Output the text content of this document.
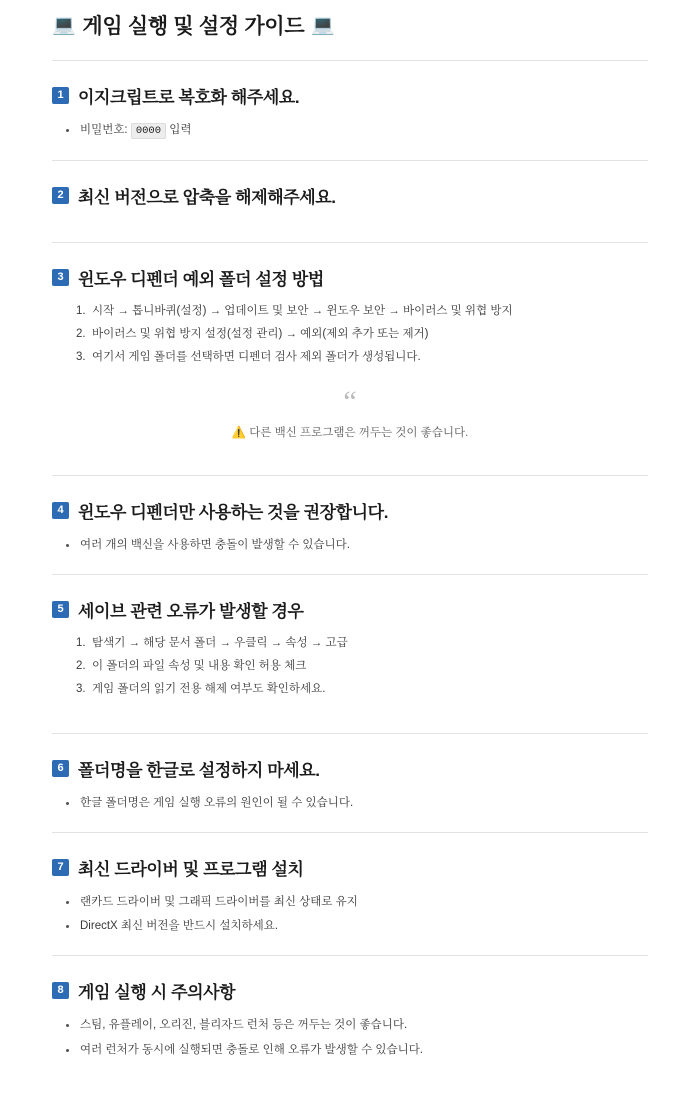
💻 게임 실행 및 설정 가이드 💻
1 이지크립트로 복호화 해주세요.
비밀번호: 0000 입력
2 최신 버전으로 압축을 해제해주세요.
3 윈도우 디펜더 예외 폴더 설정 방법
시작 → 톱니바퀴(설정) → 업데이트 및 보안 → 윈도우 보안 → 바이러스 및 위협 방지
바이러스 및 위협 방지 설정(설정 관리) → 예외(제외 추가 또는 제거)
여기서 게임 폴더를 선택하면 디펜더 검사 제외 폴더가 생성됩니다.
“
⚠️ 다른 백신 프로그램은 꺼두는 것이 좋습니다.
4 윈도우 디펜더만 사용하는 것을 권장합니다.
여러 개의 백신을 사용하면 충돌이 발생할 수 있습니다.
5 세이브 관련 오류가 발생할 경우
탐색기 → 해당 문서 폴더 → 우클릭 → 속성 → 고급
이 폴더의 파일 속성 및 내용 확인 허용 체크
게임 폴더의 읽기 전용 해제 여부도 확인하세요.
6 폴더명을 한글로 설정하지 마세요.
한글 폴더명은 게임 실행 오류의 원인이 될 수 있습니다.
7 최신 드라이버 및 프로그램 설치
랜카드 드라이버 및 그래픽 드라이버를 최신 상태로 유지
DirectX 최신 버전을 반드시 설치하세요.
8 게임 실행 시 주의사항
스팀, 유플레이, 오리진, 블리자드 런처 등은 꺼두는 것이 좋습니다.
여러 런처가 동시에 실행되면 충돌로 인해 오류가 발생할 수 있습니다.
